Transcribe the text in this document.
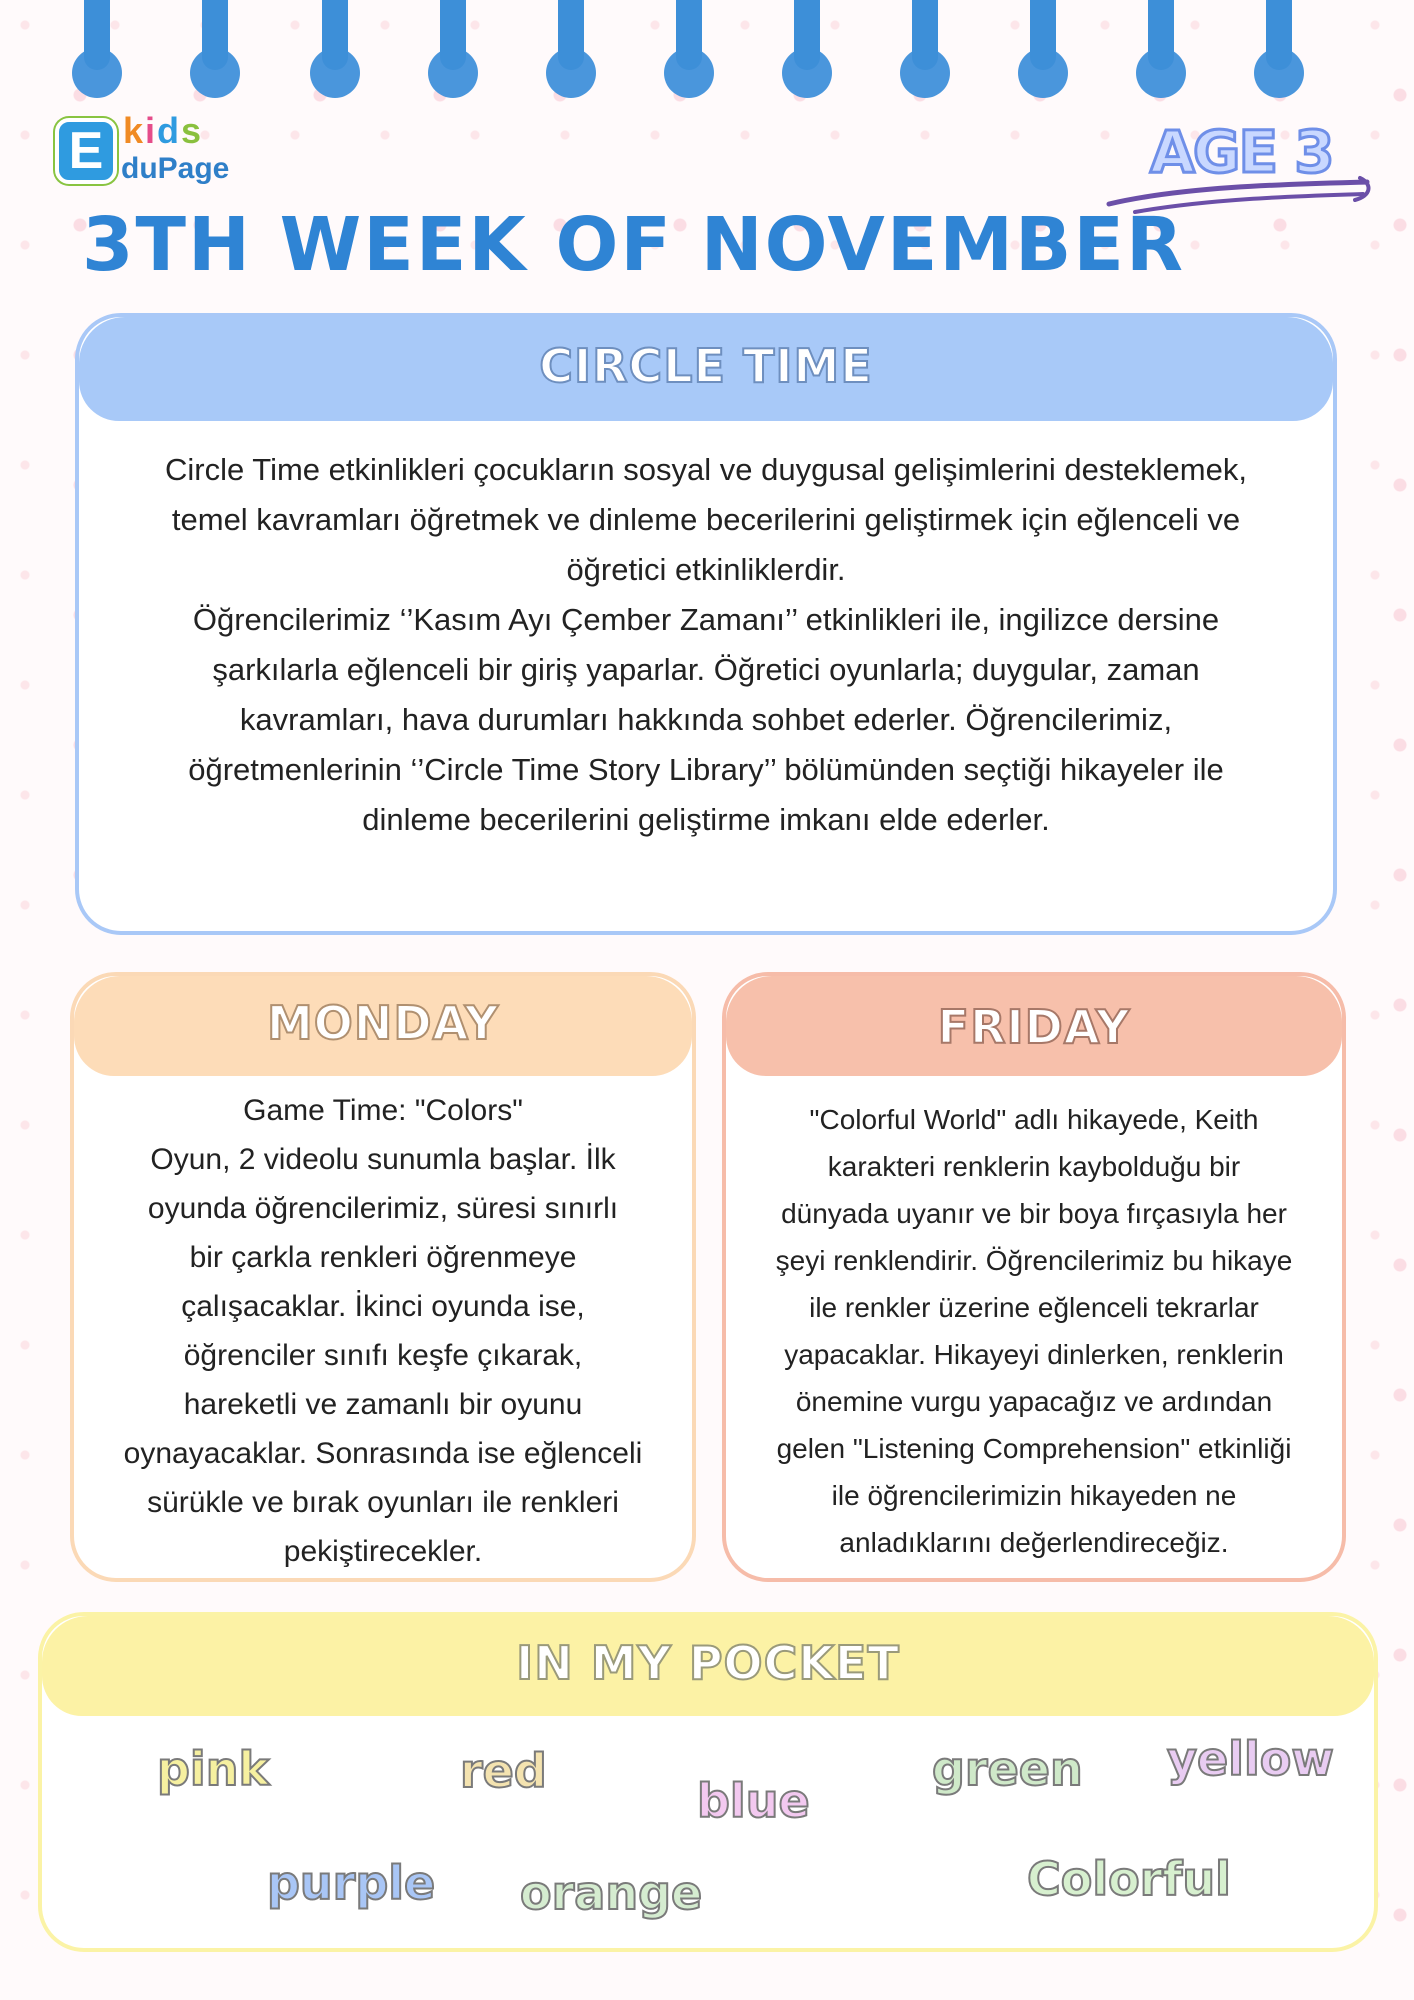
E kids
duPage	AGE 3
3TH WEEK OF NOVEMBER
CIRCLE TIME
Circle Time etkinlikleri çocukların sosyal ve duygusal gelişimlerini desteklemek,
temel kavramları öğretmek ve dinleme becerilerini geliştirmek için eğlenceli ve
öğretici etkinliklerdir.
Öğrencilerimiz ‘’Kasım Ayı Çember Zamanı’’ etkinlikleri ile, ingilizce dersine
şarkılarla eğlenceli bir giriş yaparlar. Öğretici oyunlarla; duygular, zaman
kavramları, hava durumları hakkında sohbet ederler. Öğrencilerimiz,
öğretmenlerinin ‘’Circle Time Story Library’’ bölümünden seçtiği hikayeler ile
dinleme becerilerini geliştirme imkanı elde ederler.
MONDAY
Game Time: "Colors"
Oyun, 2 videolu sunumla başlar. İlk
oyunda öğrencilerimiz, süresi sınırlı
bir çarkla renkleri öğrenmeye
çalışacaklar. İkinci oyunda ise,
öğrenciler sınıfı keşfe çıkarak,
hareketli ve zamanlı bir oyunu
oynayacaklar. Sonrasında ise eğlenceli
sürükle ve bırak oyunları ile renkleri
pekiştirecekler.
FRIDAY
"Colorful World" adlı hikayede, Keith
karakteri renklerin kaybolduğu bir
dünyada uyanır ve bir boya fırçasıyla her
şeyi renklendirir. Öğrencilerimiz bu hikaye
ile renkler üzerine eğlenceli tekrarlar
yapacaklar. Hikayeyi dinlerken, renklerin
önemine vurgu yapacağız ve ardından
gelen "Listening Comprehension" etkinliği
ile öğrencilerimizin hikayeden ne
anladıklarını değerlendireceğiz.
IN MY POCKET
pink	red
blue
green yellow
purple orange	Colorful
